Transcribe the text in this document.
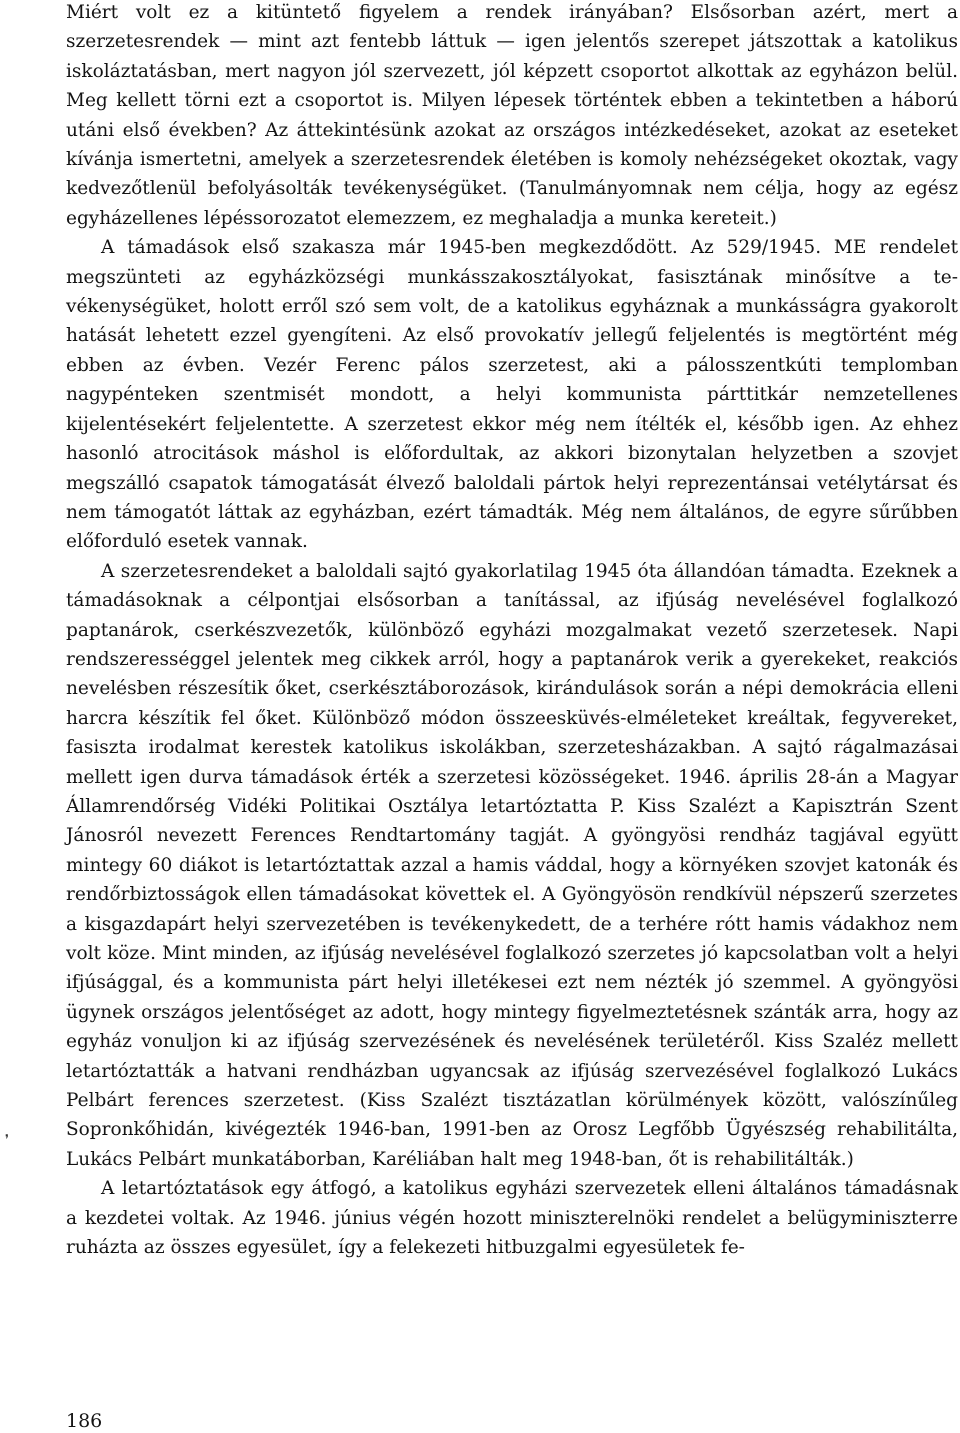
Miért volt ez a kitüntető figyelem a rendek irányában? Elsősorban azért, mert a szerzetesrendek — mint azt fentebb láttuk — igen jelentős szerepet játszottak a katolikus iskoláztatásban, mert nagyon jól szervezett, jól képzett csoportot alkottak az egyházon belül. Meg kellett törni ezt a csoportot is. Milyen lépesek történtek ebben a tekintetben a háború utáni első években? Az áttekintésünk azokat az országos intézkedéseket, azokat az eseteket kívánja ismertetni, amelyek a szerzetesrendek életében is komoly nehézségeket okoztak, vagy kedvezőtlenül befolyásolták tevékenységüket. (Tanulmányomnak nem célja, hogy az egész egyházellenes lépéssorozatot elemezzem, ez meghaladja a munka kereteit.)

A támadások első szakasza már 1945-ben megkezdődött. Az 529/1945. ME rendelet megszünteti az egyházközségi munkásszakosztályokat, fasisztának minősítve a tevékenységüket, holott erről szó sem volt, de a katolikus egyháznak a munkásságra gyakorolt hatását lehetett ezzel gyengíteni. Az első provokatív jellegű feljelentés is megtörtént még ebben az évben. Vezér Ferenc pálos szerzetest, aki a pálosszentkúti templomban nagypénteken szentmisét mondott, a helyi kommunista párttitkár nemzetellenes kijelentésekért feljelentette. A szerzetest ekkor még nem ítélték el, később igen. Az ehhez hasonló atrocitások máshol is előfordultak, az akkori bizonytalan helyzetben a szovjet megszálló csapatok támogatását élvező baloldali pártok helyi reprezentánsai vetélytársat és nem támogatót láttak az egyházban, ezért támadták. Még nem általános, de egyre sűrűbben előforduló esetek vannak.

A szerzetesrendeket a baloldali sajtó gyakorlatilag 1945 óta állandóan támadta. Ezeknek a támadásoknak a célpontjai elsősorban a tanítással, az ifjúság nevelésével foglalkozó paptanárok, cserkészvezetők, különböző egyházi mozgalmakat vezető szerzetesek. Napi rendszerességgel jelentek meg cikkek arról, hogy a paptanárok verik a gyerekeket, reakciós nevelésben részesítik őket, cserkésztáborozások, kirándulások során a népi demokrácia elleni harcra készítik fel őket. Különböző módon összeesküvés-elméleteket kreáltak, fegyvereket, fasiszta irodalmat kerestek katolikus iskolákban, szerzetesházakban. A sajtó rágalmazásai mellett igen durva támadások érték a szerzetesi közösségeket. 1946. április 28-án a Magyar Államrendőrség Vidéki Politikai Osztálya letartóztatta P. Kiss Szalézt a Kapisztrán Szent Jánosról nevezett Ferences Rendtartomány tagját. A gyöngyösi rendház tagjával együtt mintegy 60 diákot is letartóztattak azzal a hamis váddal, hogy a környéken szovjet katonák és rendőrbiztosságok ellen támadásokat követtek el. A Gyöngyösön rendkívül népszerű szerzetes a kisgazdapárt helyi szervezetében is tevékenykedett, de a terhére rótt hamis vádakhoz nem volt köze. Mint minden, az ifjúság nevelésével foglalkozó szerzetes jó kapcsolatban volt a helyi ifjúsággal, és a kommunista párt helyi illetékesei ezt nem nézték jó szemmel. A gyöngyösi ügynek országos jelentőséget az adott, hogy mintegy figyelmeztetésnek szánták arra, hogy az egyház vonuljon ki az ifjúság szervezésének és nevelésének területéről. Kiss Szaléz mellett letartóztatták a hatvani rendházban ugyancsak az ifjúság szervezésével foglalkozó Lukács Pelbárt ferences szerzetest. (Kiss Szalézt tisztázatlan körülmények között, valószínűleg Sopronkőhidán, kivégezték 1946-ban, 1991-ben az Orosz Legfőbb Ügyészség rehabilitálta, Lukács Pelbárt munkatáborban, Karéliában halt meg 1948-ban, őt is rehabilitálták.)

A letartóztatások egy átfogó, a katolikus egyházi szervezetek elleni általános támadásnak a kezdetei voltak. Az 1946. június végén hozott miniszterelnöki rendelet a belügyminiszterre ruházta az összes egyesület, így a felekezeti hitbuzgalmi egyesületek fe-

❜
186
